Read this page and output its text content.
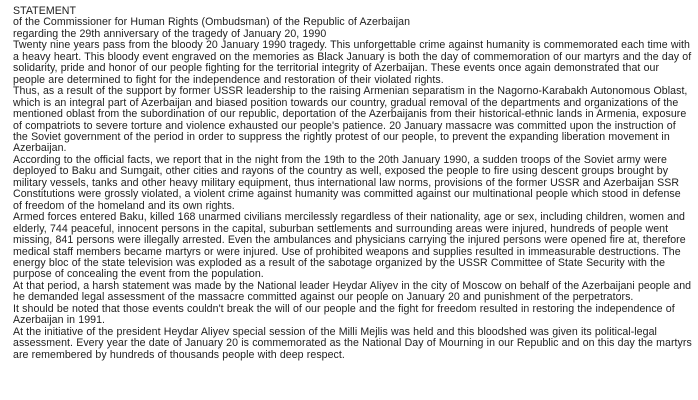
STATEMENT

of the Commissioner for Human Rights (Ombudsman) of the Republic of Azerbaijan

regarding the 29th anniversary of the tragedy of January 20, 1990

Twenty nine years pass from the bloody 20 January 1990 tragedy. This unforgettable crime against humanity is commemorated each time with a heavy heart. This bloody event engraved on the memories as Black January is both the day of commemoration of our martyrs and the day of solidarity, pride and honor of our people fighting for the territorial integrity of Azerbaijan. These events once again demonstrated that our people are determined to fight for the independence and restoration of their violated rights.

Thus, as a result of the support by former USSR leadership to the raising Armenian separatism in the Nagorno-Karabakh Autonomous Oblast, which is an integral part of Azerbaijan and biased position towards our country, gradual removal of the departments and organizations of the mentioned oblast from the subordination of our republic, deportation of the Azerbaijanis from their historical-ethnic lands in Armenia, exposure of compatriots to severe torture and violence exhausted our people's patience. 20 January massacre was committed upon the instruction of the Soviet government of the period in order to suppress the rightly protest of our people, to prevent the expanding liberation movement in Azerbaijan.

According to the official facts, we report that in the night from the 19th to the 20th January 1990, a sudden troops of the Soviet army were deployed to Baku and Sumgait, other cities and rayons of the country as well, exposed the people to fire using descent groups brought by military vessels, tanks and other heavy military equipment, thus international law norms, provisions of the former USSR and Azerbaijan SSR Constitutions were grossly violated, a violent crime against humanity was committed against our multinational people which stood in defense of freedom of the homeland and its own rights.

Armed forces entered Baku, killed 168 unarmed civilians mercilessly regardless of their nationality, age or sex, including children, women and elderly, 744 peaceful, innocent persons in the capital, suburban settlements and surrounding areas were injured, hundreds of people went missing, 841 persons were illegally arrested. Even the ambulances and physicians carrying the injured persons were opened fire at, therefore medical staff members became martyrs or were injured. Use of prohibited weapons and supplies resulted in immeasurable destructions. The energy bloc of the state television was exploded as a result of the sabotage organized by the USSR Committee of State Security with the purpose of concealing the event from the population.

At that period, a harsh statement was made by the National leader Heydar Aliyev in the city of Moscow on behalf of the Azerbaijani people and he demanded legal assessment of the massacre committed against our people on January 20 and punishment of the perpetrators.

It should be noted that those events couldn't break the will of our people and the fight for freedom resulted in restoring the independence of Azerbaijan in 1991.

At the initiative of the president Heydar Aliyev special session of the Milli Mejlis was held and this bloodshed was given its political-legal assessment. Every year the date of January 20 is commemorated as the National Day of Mourning in our Republic and on this day the martyrs are remembered by hundreds of thousands people with deep respect.
